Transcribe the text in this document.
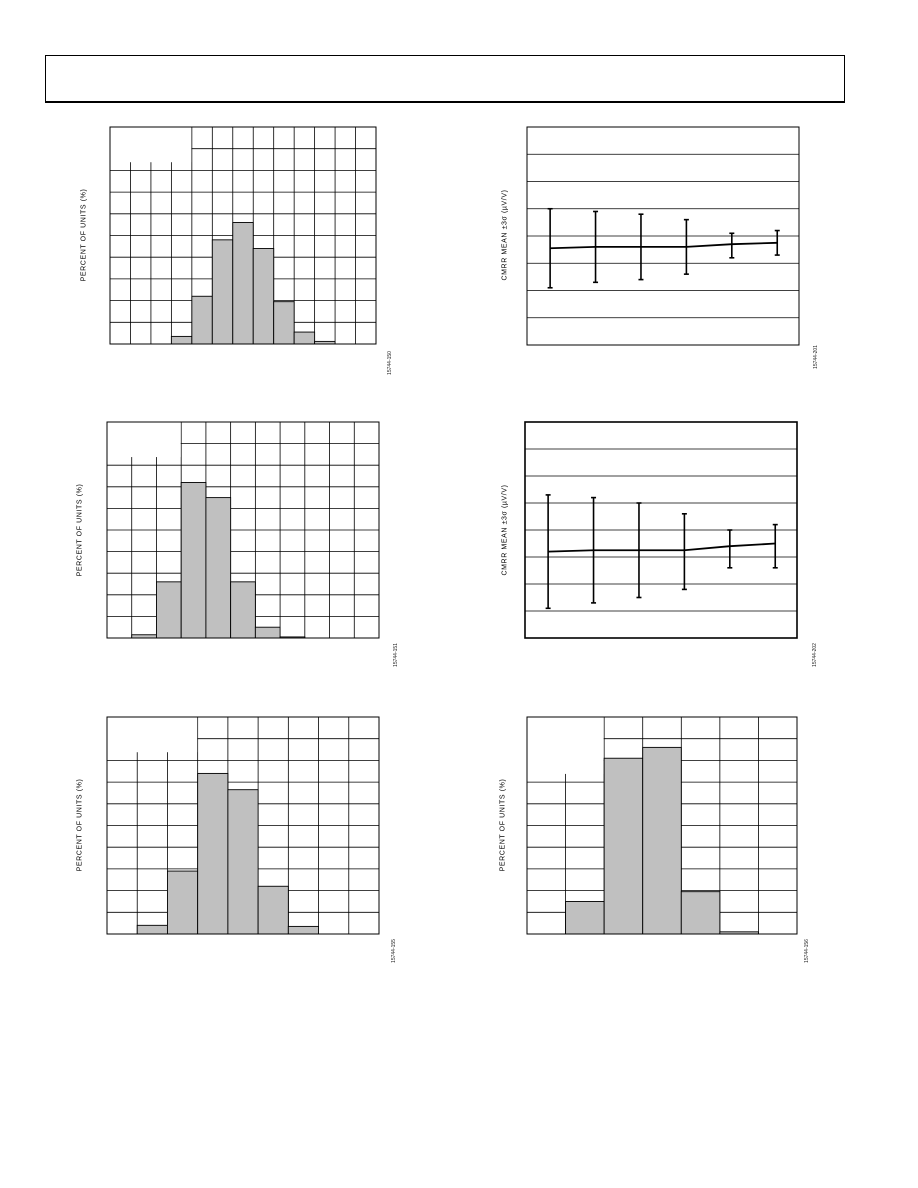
PERCENT OF UNITS (%)
15744-150
CMRR MEAN ±3σ (µV/V)
15744-201
PERCENT OF UNITS (%)
15744-151
CMRR MEAN ±3σ (µV/V)
15744-202
PERCENT OF UNITS (%)
15744-155
PERCENT OF UNITS (%)
15744-156
